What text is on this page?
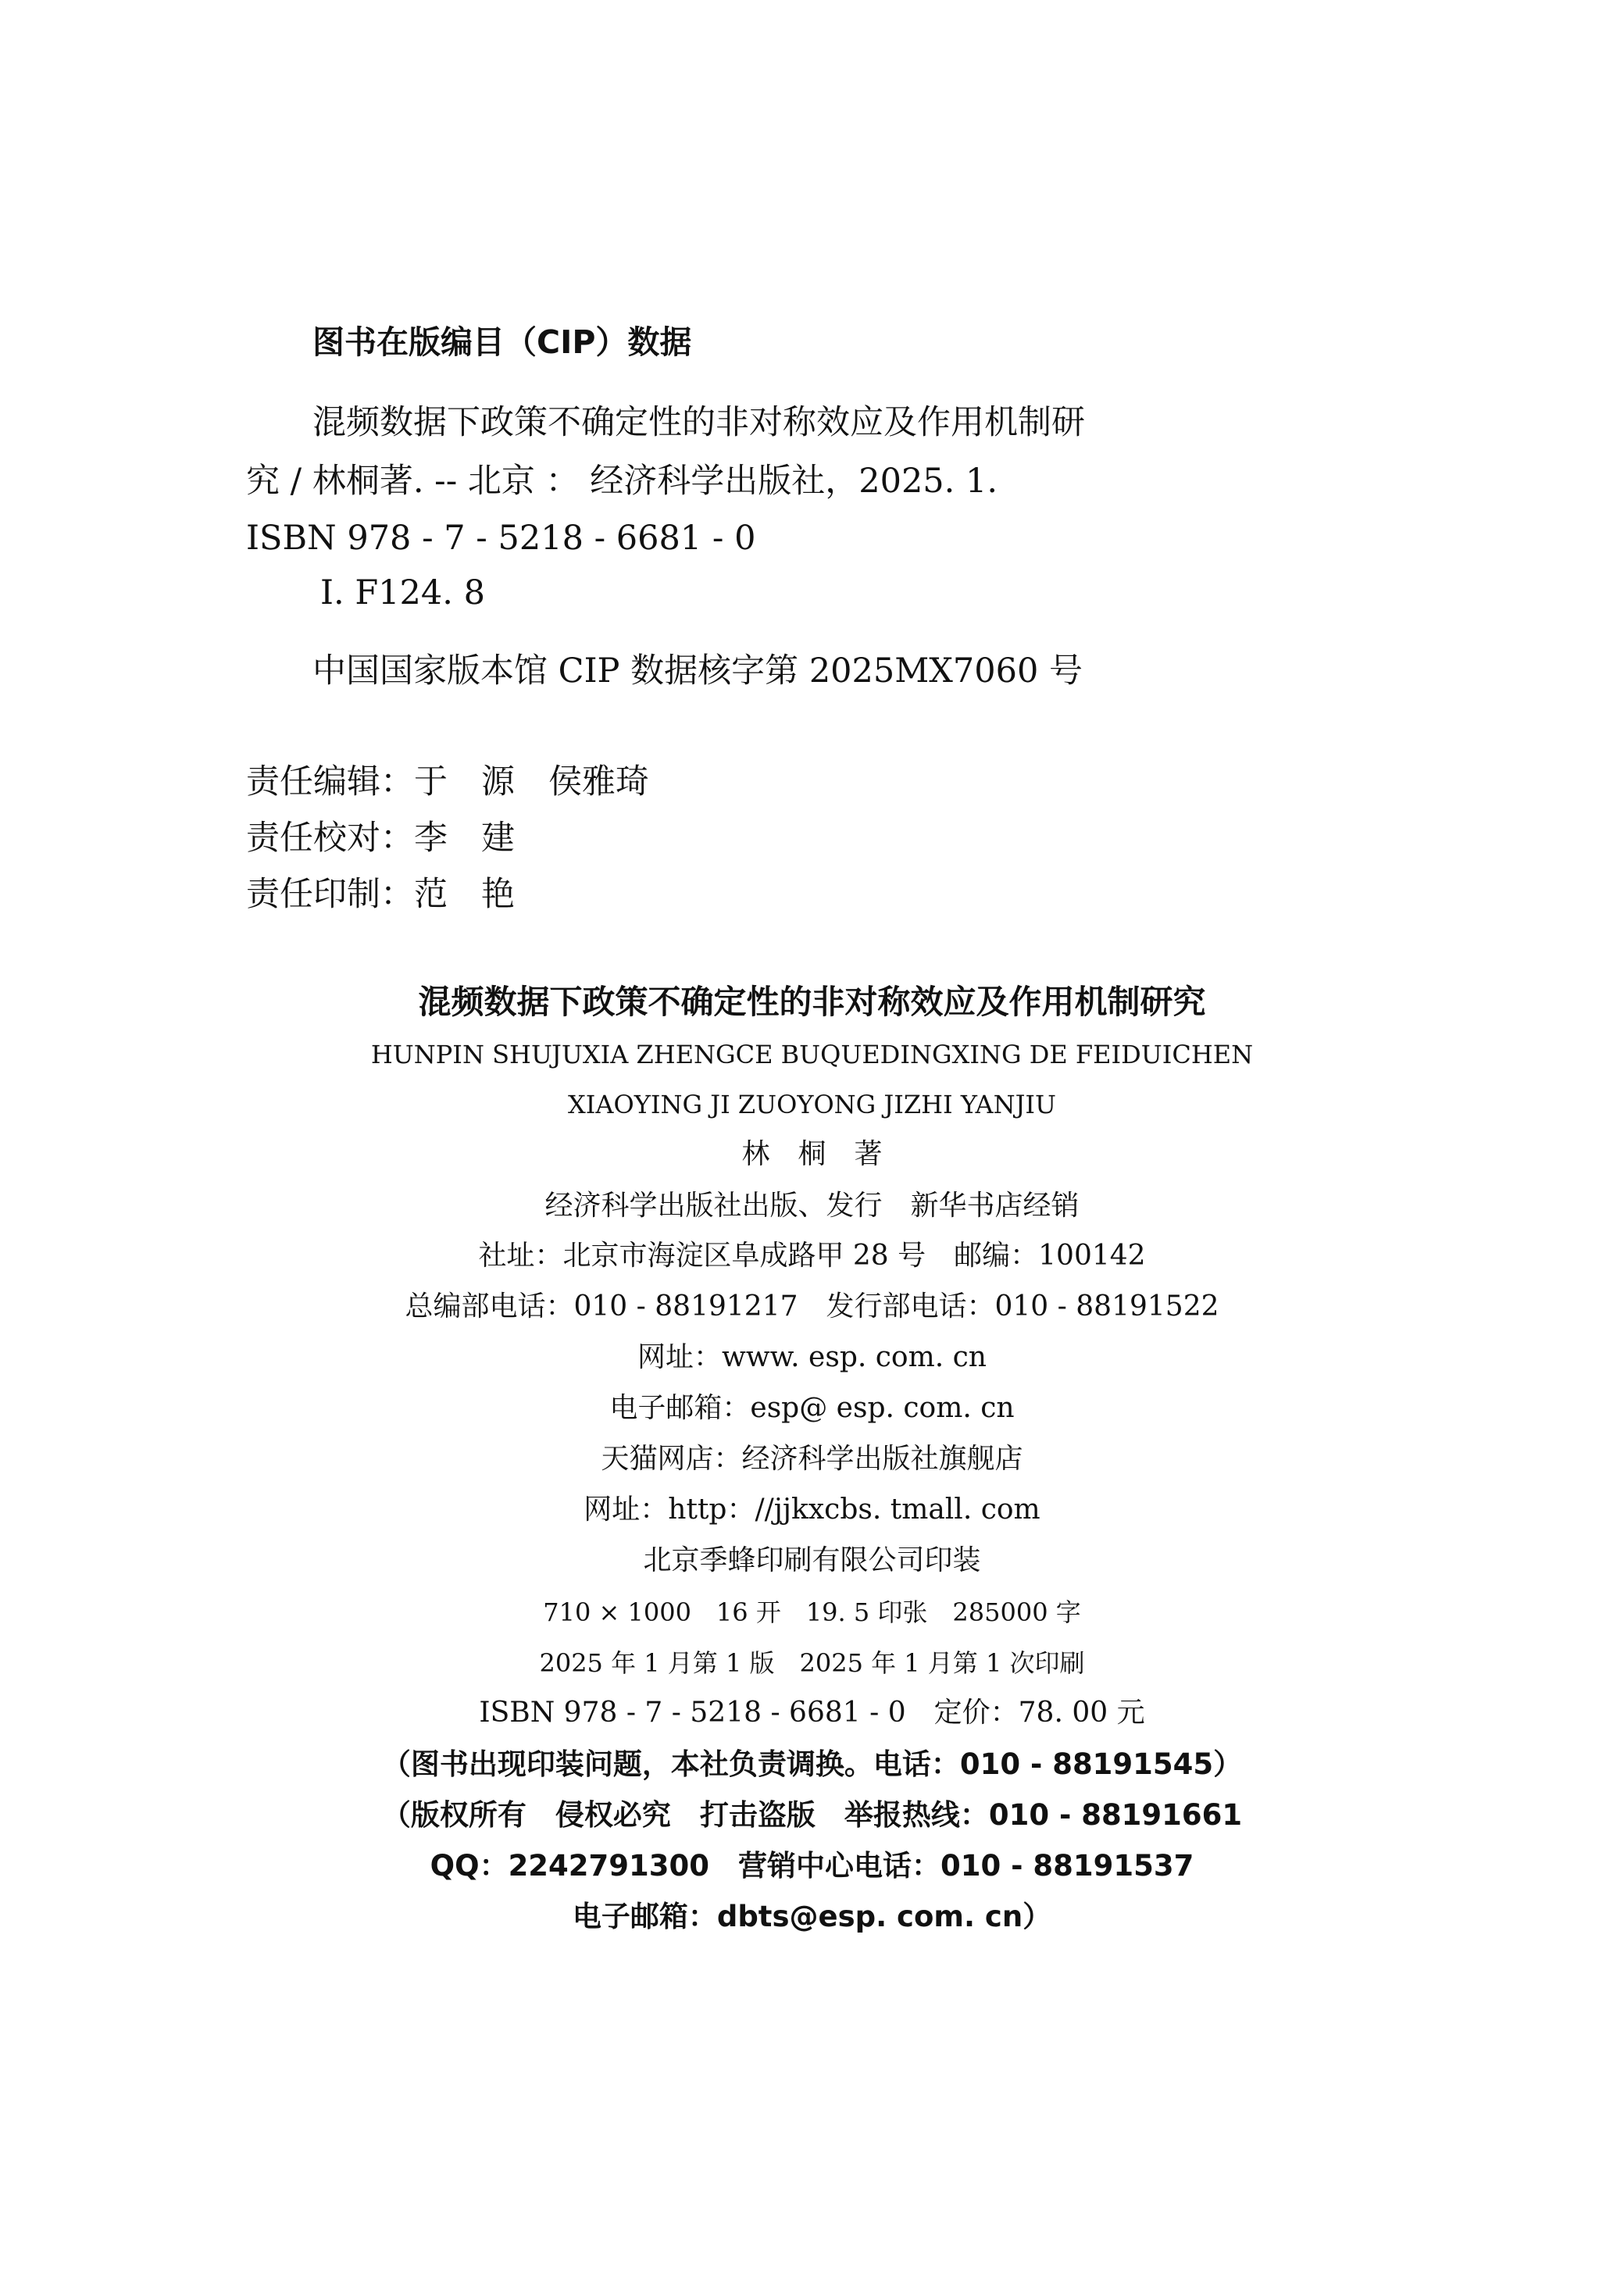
图书在版编目（CIP）数据
混频数据下政策不确定性的非对称效应及作用机制研
究 / 林桐著. -- 北京 ： 经济科学出版社，2025. 1.
ISBN 978 - 7 - 5218 - 6681 - 0
Ⅰ. F124. 8
中国国家版本馆 CIP 数据核字第 2025MX7060 号
责任编辑：于　源　侯雅琦
责任校对：李　建
责任印制：范　艳
混频数据下政策不确定性的非对称效应及作用机制研究
HUNPIN SHUJUXIA ZHENGCE BUQUEDINGXING DE FEIDUICHEN
XIAOYING JI ZUOYONG JIZHI YANJIU
林　桐　著
经济科学出版社出版、发行　新华书店经销
社址：北京市海淀区阜成路甲 28 号　邮编：100142
总编部电话：010 - 88191217　发行部电话：010 - 88191522
网址：www. esp. com. cn
电子邮箱：esp@ esp. com. cn
天猫网店：经济科学出版社旗舰店
网址：http：//jjkxcbs. tmall. com
北京季蜂印刷有限公司印装
710 × 1000　16 开　19. 5 印张　285000 字
2025 年 1 月第 1 版　2025 年 1 月第 1 次印刷
ISBN 978 - 7 - 5218 - 6681 - 0　定价：78. 00 元
（图书出现印装问题，本社负责调换。电话：010 - 88191545）
（版权所有　侵权必究　打击盗版　举报热线：010 - 88191661
QQ：2242791300　营销中心电话：010 - 88191537
电子邮箱：dbts@esp. com. cn）
